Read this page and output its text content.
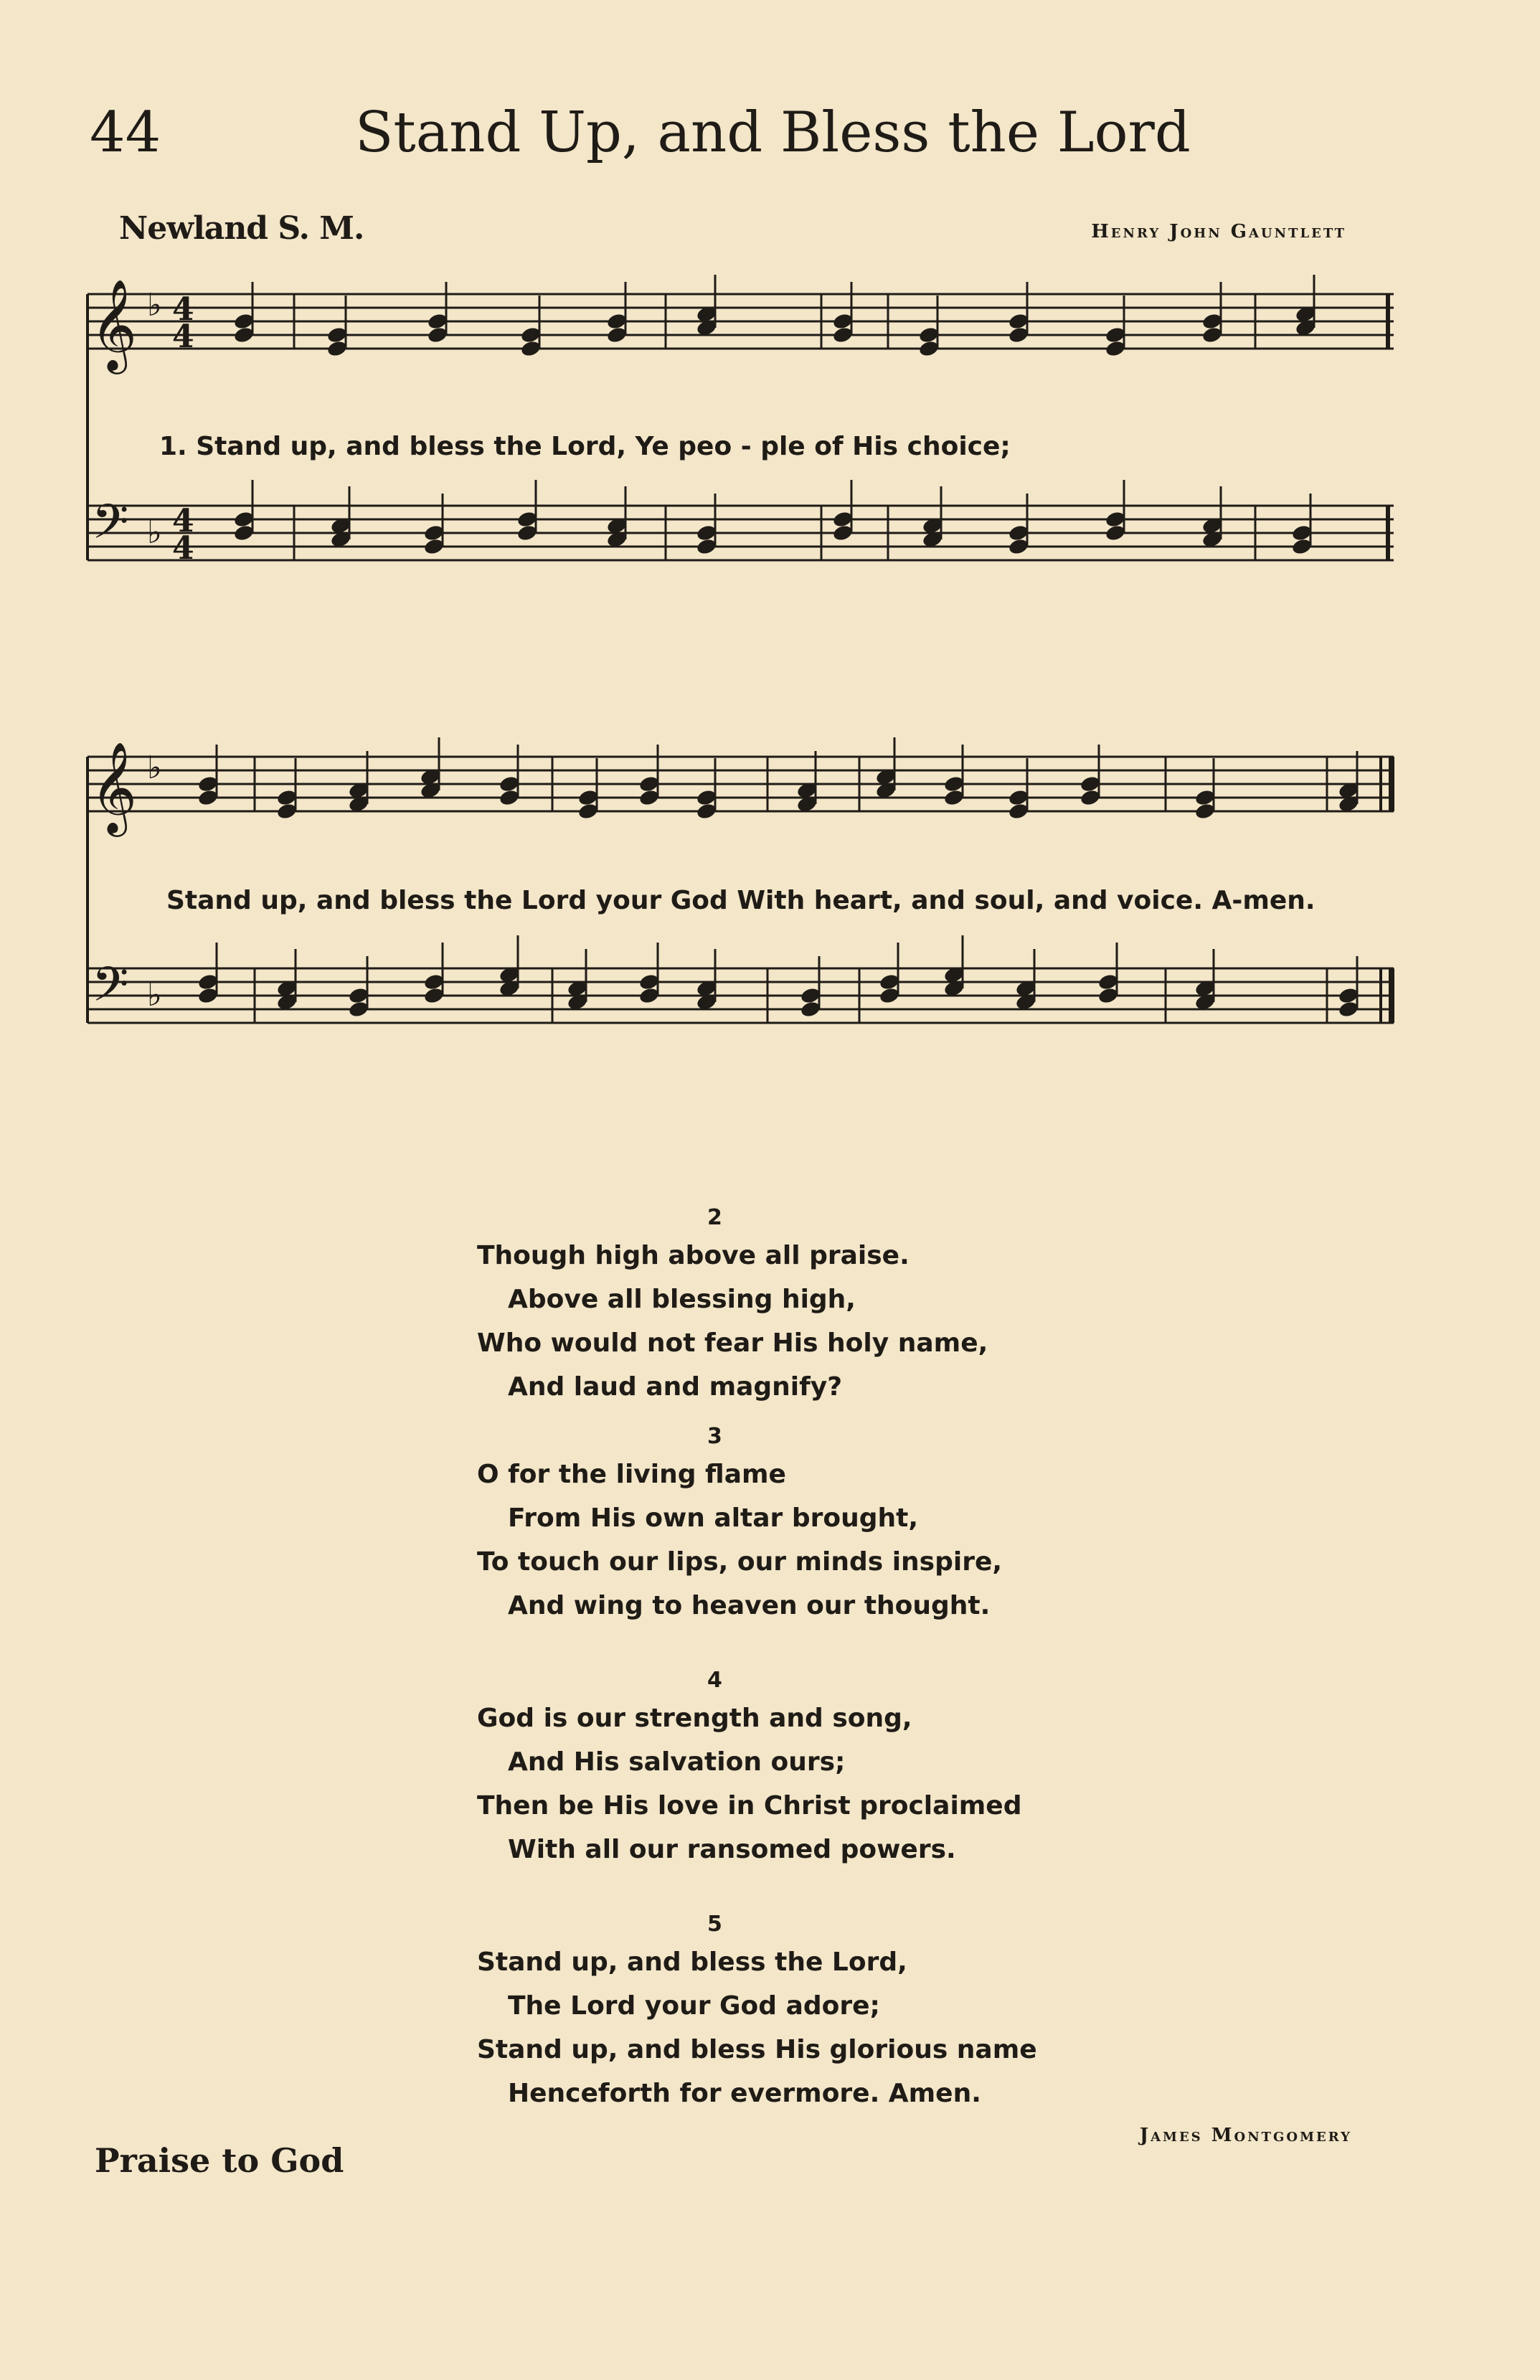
44	Stand Up, and Bless the Lord
Newland S. M.	Henry John Gauntlett
𝄞
𝄞
𝄢
𝄢
♭
♭
♭
♭
4
4
4
4
1. Stand up, and bless the Lord, Ye peo - ple of His choice;
Stand up, and bless the Lord your God With heart, and soul, and voice. A-men.
2
Though high above all praise.
Above all blessing high,
Who would not fear His holy name,
And laud and magnify?
3
O for the living flame
From His own altar brought,
To touch our lips, our minds inspire,
And wing to heaven our thought.
4
God is our strength and song,
And His salvation ours;
Then be His love in Christ proclaimed
With all our ransomed powers.
5
Stand up, and bless the Lord,
The Lord your God adore;
Stand up, and bless His glorious name
Henceforth for evermore. Amen.
Praise to God
James Montgomery
